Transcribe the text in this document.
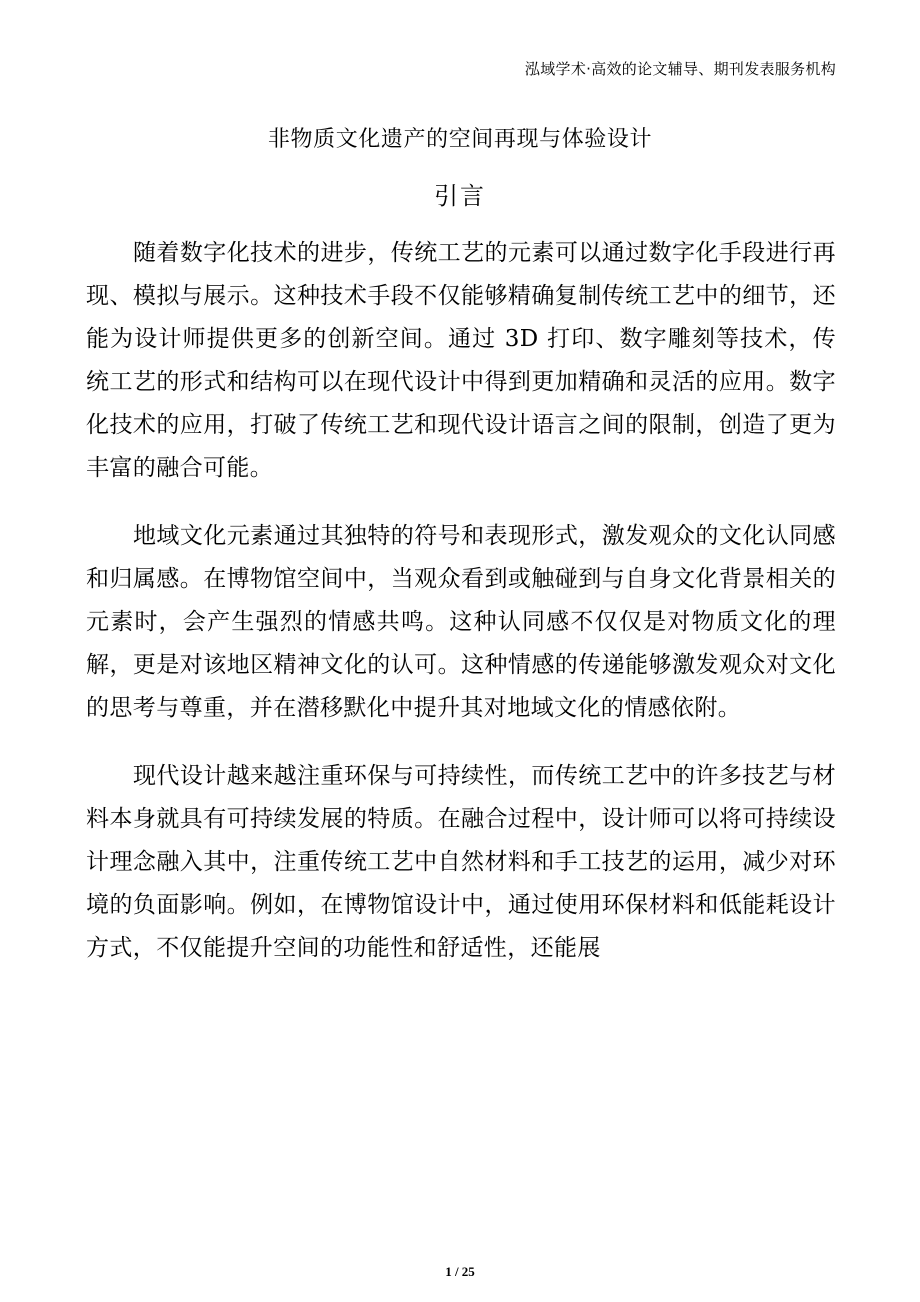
泓域学术·高效的论文辅导、期刊发表服务机构
非物质文化遗产的空间再现与体验设计
引言

随着数字化技术的进步，传统工艺的元素可以通过数字化手段进行再现、模拟与展示。这种技术手段不仅能够精确复制传统工艺中的细节，还能为设计师提供更多的创新空间。通过 3D 打印、数字雕刻等技术，传统工艺的形式和结构可以在现代设计中得到更加精确和灵活的应用。数字化技术的应用，打破了传统工艺和现代设计语言之间的限制，创造了更为丰富的融合可能。

地域文化元素通过其独特的符号和表现形式，激发观众的文化认同感和归属感。在博物馆空间中，当观众看到或触碰到与自身文化背景相关的元素时，会产生强烈的情感共鸣。这种认同感不仅仅是对物质文化的理解，更是对该地区精神文化的认可。这种情感的传递能够激发观众对文化的思考与尊重，并在潜移默化中提升其对地域文化的情感依附。

现代设计越来越注重环保与可持续性，而传统工艺中的许多技艺与材料本身就具有可持续发展的特质。在融合过程中，设计师可以将可持续设计理念融入其中，注重传统工艺中自然材料和手工技艺的运用，减少对环境的负面影响。例如，在博物馆设计中，通过使用环保材料和低能耗设计方式，不仅能提升空间的功能性和舒适性，还能展

1 / 25
